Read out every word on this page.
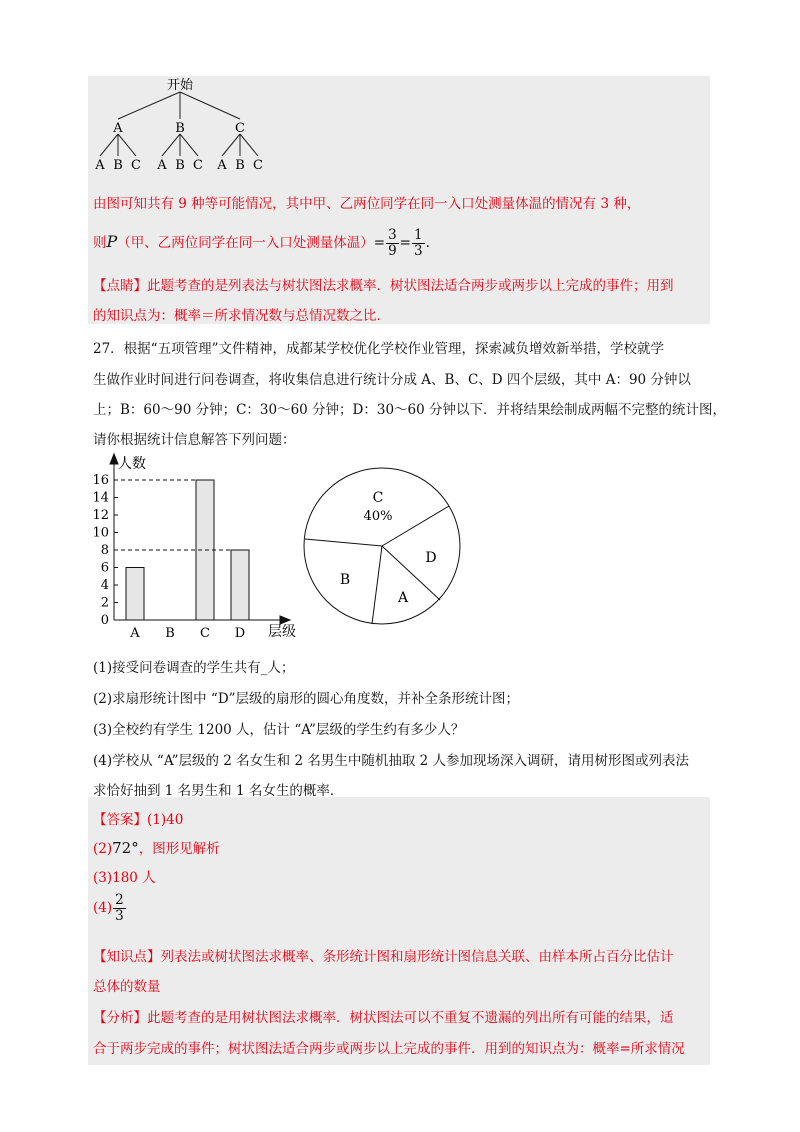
开始
A	B	C
A B C A B C A B C
由图可知共有 9 种等可能情况，其中甲、乙两位同学在同一入口处测量体温的情况有 3 种，
则P（甲、乙两位同学在同一入口处测量体温）= $\frac{3}{9} = \frac{1}{3}$ .
【点睛】此题考查的是列表法与树状图法求概率．树状图法适合两步或两步以上完成的事件；用到
的知识点为：概率＝所求情况数与总情况数之比．
27．根据“五项管理”文件精神，成都某学校优化学校作业管理，探索减负增效新举措，学校就学
生做作业时间进行问卷调查，将收集信息进行统计分成 A、B、C、D 四个层级，其中 A：90 分钟以
上；B：60～90 分钟；C：30～60 分钟；D：30～60 分钟以下．并将结果绘制成两幅不完整的统计图，
请你根据统计信息解答下列问题：
0
2
4
6
8
10
12
14
16
A B C D
人数
层级
C
40%
D
A
B
(1)接受问卷调查的学生共有_人；
(2)求扇形统计图中 “D”层级的扇形的圆心角度数，并补全条形统计图；
(3)全校约有学生 1200 人，估计 “A”层级的学生约有多少人？
(4)学校从 “A”层级的 2 名女生和 2 名男生中随机抽取 2 人参加现场深入调研，请用树形图或列表法
求恰好抽到 1 名男生和 1 名女生的概率．
【答案】(1)40
(2)72°，图形见解析
(3)180 人
$(4) \frac{2}{3}$
【知识点】列表法或树状图法求概率、条形统计图和扇形统计图信息关联、由样本所占百分比估计
总体的数量
【分析】此题考查的是用树状图法求概率．树状图法可以不重复不遗漏的列出所有可能的结果，适
合于两步完成的事件；树状图法适合两步或两步以上完成的事件．用到的知识点为：概率=所求情况
